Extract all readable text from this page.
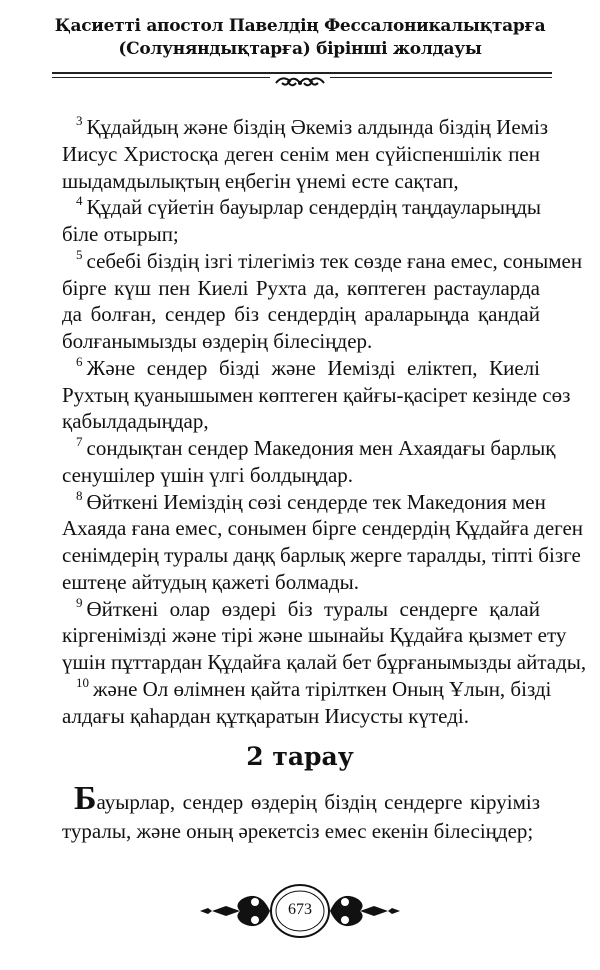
Қасиетті апостол Павелдің Фессалоникалықтарға
(Солуняндықтарға) бірінші жолдауы
$^3$ Құдайдың және біздің Әкеміз алдында біздің Иеміз
Иисус Христосқа деген сенім мен сүйіспеншілік пен
шыдамдылықтың еңбегін үнемі есте сақтап,
$^4$ Құдай сүйетін бауырлар сендердің таңдауларыңды
біле отырып;
$^5$ себебі біздің ізгі тілегіміз тек сөзде ғана емес, сонымен
бірге күш пен Киелі Рухта да, көптеген растауларда
да болған, сендер біз сендердің араларыңда қандай
болғанымызды өздерің білесіңдер.
$^6$ Және сендер бізді және Иемізді еліктеп, Киелі
Рухтың қуанышымен көптеген қайғы-қасірет кезінде сөз
қабылдадыңдар,
$^7$ сондықтан сендер Македония мен Ахаядағы барлық
сенушілер үшін үлгі болдыңдар.
$^8$ Өйткені Иеміздің сөзі сендерде тек Македония мен
Ахаяда ғана емес, сонымен бірге сендердің Құдайға деген
сенімдерің туралы даңқ барлық жерге таралды, тіпті бізге
ештеңе айтудың қажеті болмады.
$^9$ Өйткені олар өздері біз туралы сендерге қалай
кіргенімізді және тірі және шынайы Құдайға қызмет ету
үшін пұттардан Құдайға қалай бет бұрғанымызды айтады,
$^{10}$ және Ол өлімнен қайта тірілткен Оның Ұлын, бізді
алдағы қаһардан құтқаратын Иисусты күтеді.
2 тарау
Бауырлар, сендер өздерің біздің сендерге кіруіміз
туралы, және оның әрекетсіз емес екенін білесіңдер;
673
